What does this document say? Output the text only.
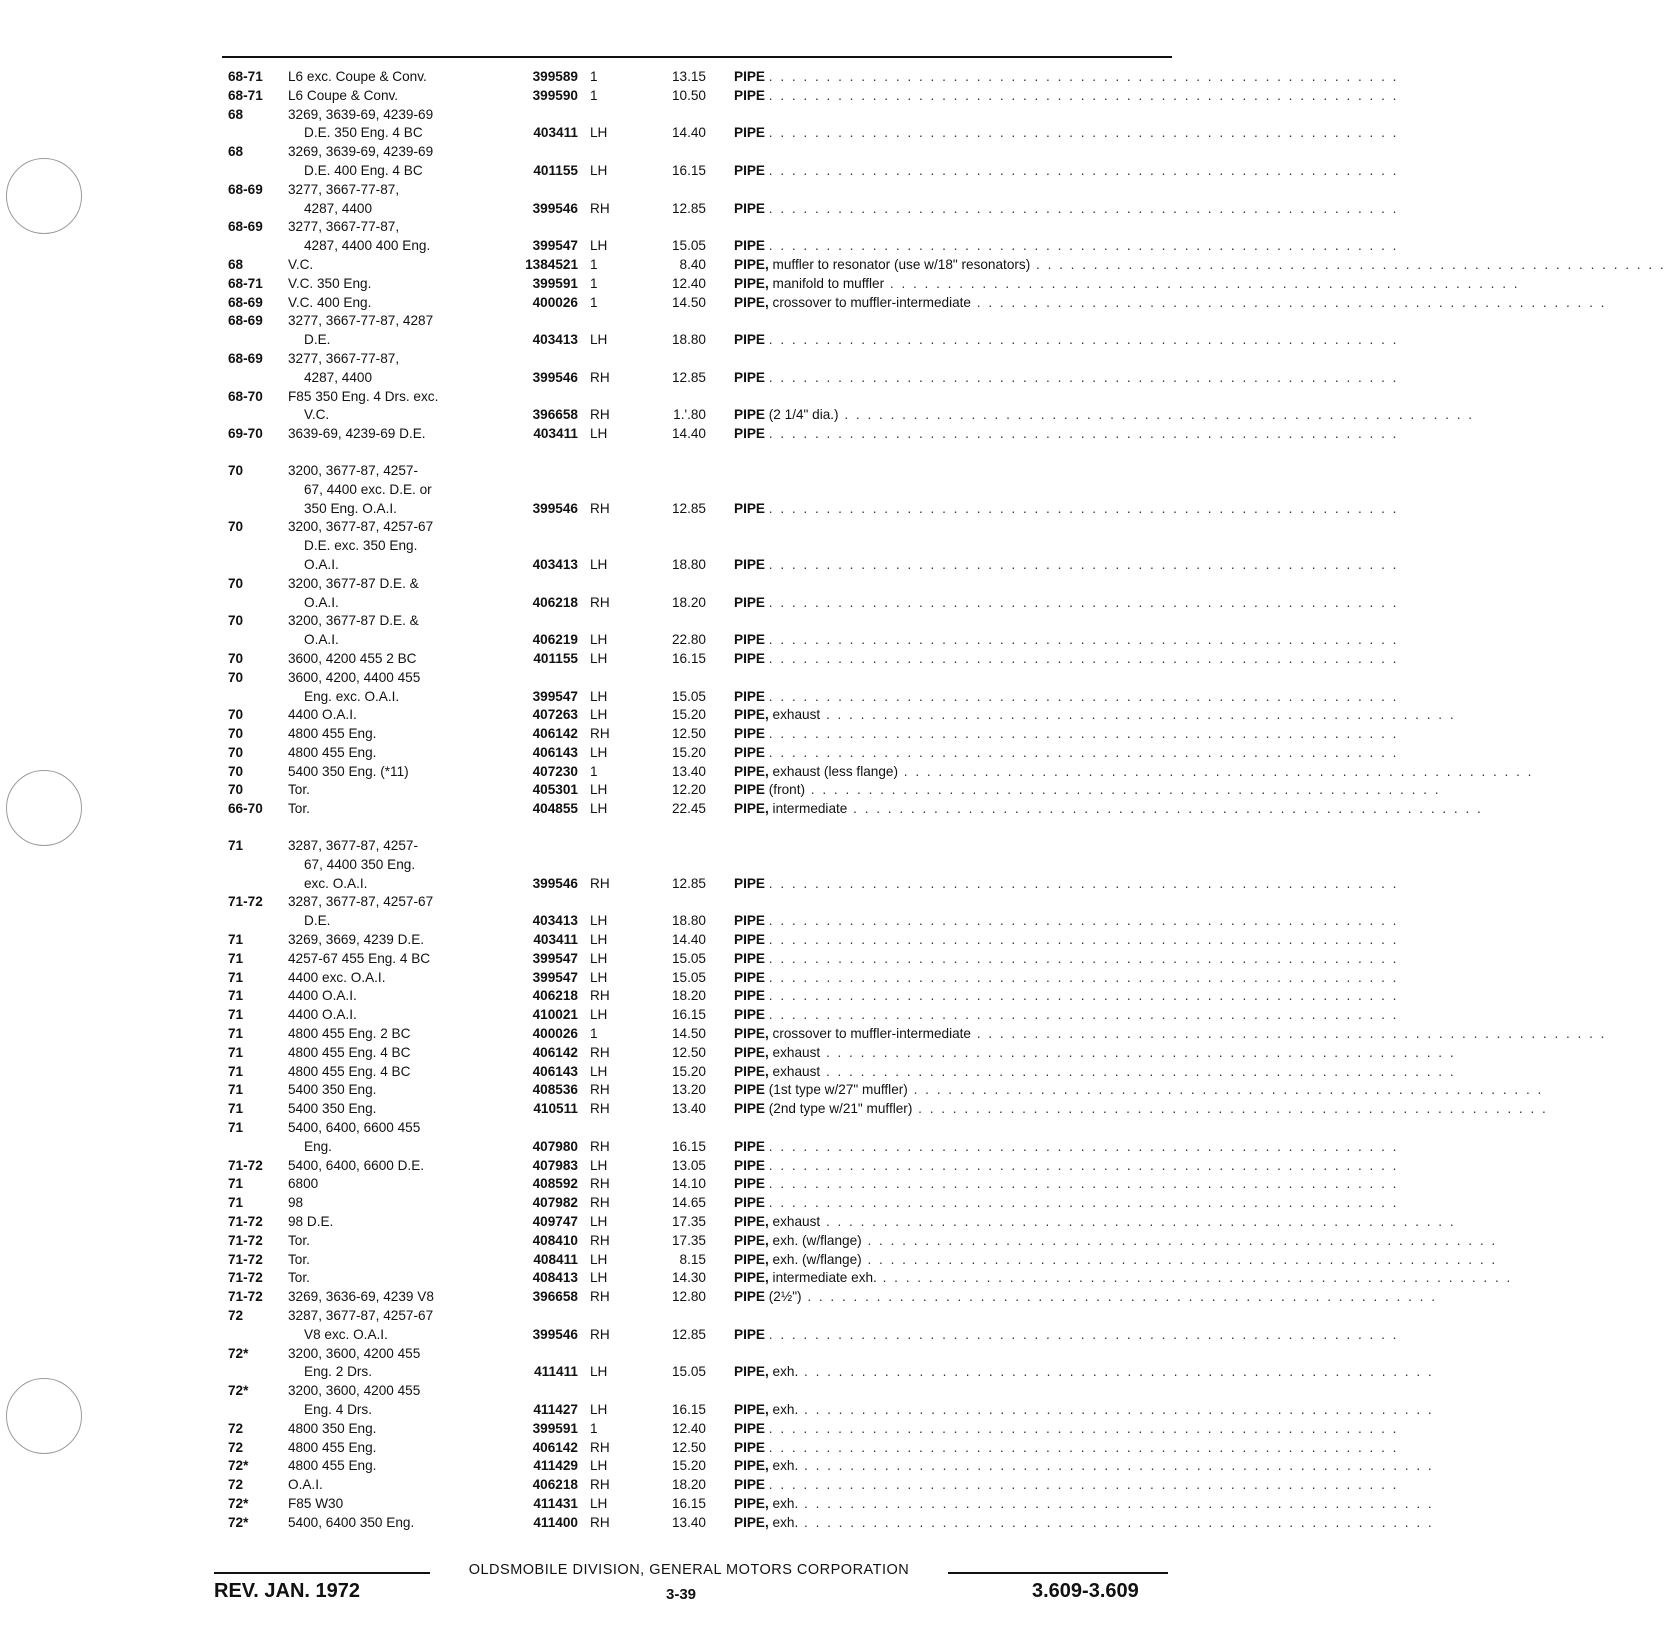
68-71	L6 exc. Coupe & Conv.	399589 1	13.15 PIPE . . . . . . . . . . . . . . . . . . . . . . . . . . . . . . . . . . . . . . . . . . . . . . . . . . . . . . .
68-71	L6 Coupe & Conv.	399590 1	10.50 PIPE . . . . . . . . . . . . . . . . . . . . . . . . . . . . . . . . . . . . . . . . . . . . . . . . . . . . . . .
68	3269, 3639-69, 4239-69
D.E. 350 Eng. 4 BC	403411 LH	14.40 PIPE . . . . . . . . . . . . . . . . . . . . . . . . . . . . . . . . . . . . . . . . . . . . . . . . . . . . . . .
68	3269, 3639-69, 4239-69
D.E. 400 Eng. 4 BC	401155 LH	16.15 PIPE . . . . . . . . . . . . . . . . . . . . . . . . . . . . . . . . . . . . . . . . . . . . . . . . . . . . . . .
68-69	3277, 3667-77-87,
4287, 4400	399546 RH	12.85 PIPE . . . . . . . . . . . . . . . . . . . . . . . . . . . . . . . . . . . . . . . . . . . . . . . . . . . . . . .
68-69	3277, 3667-77-87,
4287, 4400 400 Eng.	399547 LH	15.05 PIPE . . . . . . . . . . . . . . . . . . . . . . . . . . . . . . . . . . . . . . . . . . . . . . . . . . . . . . .
68	V.C.	1384521 1	8.40 PIPE, muffler to resonator (use w/18" resonators) . . . . . . . . . . . . . . . . . . . . . . . . . . . . . . . . . . . . . . . . . . . . . . . . . . . . . . .
68-71	V.C. 350 Eng.	399591 1	12.40 PIPE, manifold to muffler . . . . . . . . . . . . . . . . . . . . . . . . . . . . . . . . . . . . . . . . . . . . . . . . . . . . . . .
68-69	V.C. 400 Eng.	400026 1	14.50 PIPE, crossover to muffler-intermediate . . . . . . . . . . . . . . . . . . . . . . . . . . . . . . . . . . . . . . . . . . . . . . . . . . . . . . .
68-69	3277, 3667-77-87, 4287
D.E.	403413 LH	18.80 PIPE . . . . . . . . . . . . . . . . . . . . . . . . . . . . . . . . . . . . . . . . . . . . . . . . . . . . . . .
68-69	3277, 3667-77-87,
4287, 4400	399546 RH	12.85 PIPE . . . . . . . . . . . . . . . . . . . . . . . . . . . . . . . . . . . . . . . . . . . . . . . . . . . . . . .
68-70	F85 350 Eng. 4 Drs. exc.
V.C.	396658 RH	1.'.80 PIPE (2 1/4" dia.) . . . . . . . . . . . . . . . . . . . . . . . . . . . . . . . . . . . . . . . . . . . . . . . . . . . . . . .
69-70	3639-69, 4239-69 D.E.	403411 LH	14.40 PIPE . . . . . . . . . . . . . . . . . . . . . . . . . . . . . . . . . . . . . . . . . . . . . . . . . . . . . . .
70	3200, 3677-87, 4257-
67, 4400 exc. D.E. or
350 Eng. O.A.I.	399546 RH	12.85 PIPE . . . . . . . . . . . . . . . . . . . . . . . . . . . . . . . . . . . . . . . . . . . . . . . . . . . . . . .
70	3200, 3677-87, 4257-67
D.E. exc. 350 Eng.
O.A.I.	403413 LH	18.80 PIPE . . . . . . . . . . . . . . . . . . . . . . . . . . . . . . . . . . . . . . . . . . . . . . . . . . . . . . .
70	3200, 3677-87 D.E. &
O.A.I.	406218 RH	18.20 PIPE . . . . . . . . . . . . . . . . . . . . . . . . . . . . . . . . . . . . . . . . . . . . . . . . . . . . . . .
70	3200, 3677-87 D.E. &
O.A.I.	406219 LH	22.80 PIPE . . . . . . . . . . . . . . . . . . . . . . . . . . . . . . . . . . . . . . . . . . . . . . . . . . . . . . .
70	3600, 4200 455 2 BC	401155 LH	16.15 PIPE . . . . . . . . . . . . . . . . . . . . . . . . . . . . . . . . . . . . . . . . . . . . . . . . . . . . . . .
70	3600, 4200, 4400 455
Eng. exc. O.A.I.	399547 LH	15.05 PIPE . . . . . . . . . . . . . . . . . . . . . . . . . . . . . . . . . . . . . . . . . . . . . . . . . . . . . . .
70	4400 O.A.I.	407263 LH	15.20 PIPE, exhaust . . . . . . . . . . . . . . . . . . . . . . . . . . . . . . . . . . . . . . . . . . . . . . . . . . . . . . .
70	4800 455 Eng.	406142 RH	12.50 PIPE . . . . . . . . . . . . . . . . . . . . . . . . . . . . . . . . . . . . . . . . . . . . . . . . . . . . . . .
70	4800 455 Eng.	406143 LH	15.20 PIPE . . . . . . . . . . . . . . . . . . . . . . . . . . . . . . . . . . . . . . . . . . . . . . . . . . . . . . .
70	5400 350 Eng. (*11)	407230 1	13.40 PIPE, exhaust (less flange) . . . . . . . . . . . . . . . . . . . . . . . . . . . . . . . . . . . . . . . . . . . . . . . . . . . . . . .
70	Tor.	405301 LH	12.20 PIPE (front) . . . . . . . . . . . . . . . . . . . . . . . . . . . . . . . . . . . . . . . . . . . . . . . . . . . . . . .
66-70	Tor.	404855 LH	22.45 PIPE, intermediate . . . . . . . . . . . . . . . . . . . . . . . . . . . . . . . . . . . . . . . . . . . . . . . . . . . . . . .
71	3287, 3677-87, 4257-
67, 4400 350 Eng.
exc. O.A.I.	399546 RH	12.85 PIPE . . . . . . . . . . . . . . . . . . . . . . . . . . . . . . . . . . . . . . . . . . . . . . . . . . . . . . .
71-72	3287, 3677-87, 4257-67
D.E.	403413 LH	18.80 PIPE . . . . . . . . . . . . . . . . . . . . . . . . . . . . . . . . . . . . . . . . . . . . . . . . . . . . . . .
71	3269, 3669, 4239 D.E.	403411 LH	14.40 PIPE . . . . . . . . . . . . . . . . . . . . . . . . . . . . . . . . . . . . . . . . . . . . . . . . . . . . . . .
71	4257-67 455 Eng. 4 BC	399547 LH	15.05 PIPE . . . . . . . . . . . . . . . . . . . . . . . . . . . . . . . . . . . . . . . . . . . . . . . . . . . . . . .
71	4400 exc. O.A.I.	399547 LH	15.05 PIPE . . . . . . . . . . . . . . . . . . . . . . . . . . . . . . . . . . . . . . . . . . . . . . . . . . . . . . .
71	4400 O.A.I.	406218 RH	18.20 PIPE . . . . . . . . . . . . . . . . . . . . . . . . . . . . . . . . . . . . . . . . . . . . . . . . . . . . . . .
71	4400 O.A.I.	410021 LH	16.15 PIPE . . . . . . . . . . . . . . . . . . . . . . . . . . . . . . . . . . . . . . . . . . . . . . . . . . . . . . .
71	4800 455 Eng. 2 BC	400026 1	14.50 PIPE, crossover to muffler-intermediate . . . . . . . . . . . . . . . . . . . . . . . . . . . . . . . . . . . . . . . . . . . . . . . . . . . . . . .
71	4800 455 Eng. 4 BC	406142 RH	12.50 PIPE, exhaust . . . . . . . . . . . . . . . . . . . . . . . . . . . . . . . . . . . . . . . . . . . . . . . . . . . . . . .
71	4800 455 Eng. 4 BC	406143 LH	15.20 PIPE, exhaust . . . . . . . . . . . . . . . . . . . . . . . . . . . . . . . . . . . . . . . . . . . . . . . . . . . . . . .
71	5400 350 Eng.	408536 RH	13.20 PIPE (1st type w/27" muffler) . . . . . . . . . . . . . . . . . . . . . . . . . . . . . . . . . . . . . . . . . . . . . . . . . . . . . . .
71	5400 350 Eng.	410511 RH	13.40 PIPE (2nd type w/21" muffler) . . . . . . . . . . . . . . . . . . . . . . . . . . . . . . . . . . . . . . . . . . . . . . . . . . . . . . .
71	5400, 6400, 6600 455
Eng.	407980 RH	16.15 PIPE . . . . . . . . . . . . . . . . . . . . . . . . . . . . . . . . . . . . . . . . . . . . . . . . . . . . . . .
71-72	5400, 6400, 6600 D.E.	407983 LH	13.05 PIPE . . . . . . . . . . . . . . . . . . . . . . . . . . . . . . . . . . . . . . . . . . . . . . . . . . . . . . .
71	6800	408592 RH	14.10 PIPE . . . . . . . . . . . . . . . . . . . . . . . . . . . . . . . . . . . . . . . . . . . . . . . . . . . . . . .
71	98	407982 RH	14.65 PIPE . . . . . . . . . . . . . . . . . . . . . . . . . . . . . . . . . . . . . . . . . . . . . . . . . . . . . . .
71-72	98 D.E.	409747 LH	17.35 PIPE, exhaust . . . . . . . . . . . . . . . . . . . . . . . . . . . . . . . . . . . . . . . . . . . . . . . . . . . . . . .
71-72	Tor.	408410 RH	17.35 PIPE, exh. (w/flange) . . . . . . . . . . . . . . . . . . . . . . . . . . . . . . . . . . . . . . . . . . . . . . . . . . . . . . .
71-72	Tor.	408411 LH	8.15 PIPE, exh. (w/flange) . . . . . . . . . . . . . . . . . . . . . . . . . . . . . . . . . . . . . . . . . . . . . . . . . . . . . . .
71-72	Tor.	408413 LH	14.30 PIPE, intermediate exh. . . . . . . . . . . . . . . . . . . . . . . . . . . . . . . . . . . . . . . . . . . . . . . . . . . . . . . .
71-72	3269, 3636-69, 4239 V8	396658 RH	12.80 PIPE (2½") . . . . . . . . . . . . . . . . . . . . . . . . . . . . . . . . . . . . . . . . . . . . . . . . . . . . . . .
72	3287, 3677-87, 4257-67
V8 exc. O.A.I.	399546 RH	12.85 PIPE . . . . . . . . . . . . . . . . . . . . . . . . . . . . . . . . . . . . . . . . . . . . . . . . . . . . . . .
72*	3200, 3600, 4200 455
Eng. 2 Drs.	411411 LH	15.05 PIPE, exh. . . . . . . . . . . . . . . . . . . . . . . . . . . . . . . . . . . . . . . . . . . . . . . . . . . . . . . .
72*	3200, 3600, 4200 455
Eng. 4 Drs.	411427 LH	16.15 PIPE, exh. . . . . . . . . . . . . . . . . . . . . . . . . . . . . . . . . . . . . . . . . . . . . . . . . . . . . . . .
72	4800 350 Eng.	399591 1	12.40 PIPE . . . . . . . . . . . . . . . . . . . . . . . . . . . . . . . . . . . . . . . . . . . . . . . . . . . . . . .
72	4800 455 Eng.	406142 RH	12.50 PIPE . . . . . . . . . . . . . . . . . . . . . . . . . . . . . . . . . . . . . . . . . . . . . . . . . . . . . . .
72*	4800 455 Eng.	411429 LH	15.20 PIPE, exh. . . . . . . . . . . . . . . . . . . . . . . . . . . . . . . . . . . . . . . . . . . . . . . . . . . . . . . .
72	O.A.I.	406218 RH	18.20 PIPE . . . . . . . . . . . . . . . . . . . . . . . . . . . . . . . . . . . . . . . . . . . . . . . . . . . . . . .
72*	F85 W30	411431 LH	16.15 PIPE, exh. . . . . . . . . . . . . . . . . . . . . . . . . . . . . . . . . . . . . . . . . . . . . . . . . . . . . . . .
72*	5400, 6400 350 Eng.	411400 RH	13.40 PIPE, exh. . . . . . . . . . . . . . . . . . . . . . . . . . . . . . . . . . . . . . . . . . . . . . . . . . . . . . . .
OLDSMOBILE DIVISION, GENERAL MOTORS CORPORATION
REV. JAN. 1972	3-39	3.609-3.609
